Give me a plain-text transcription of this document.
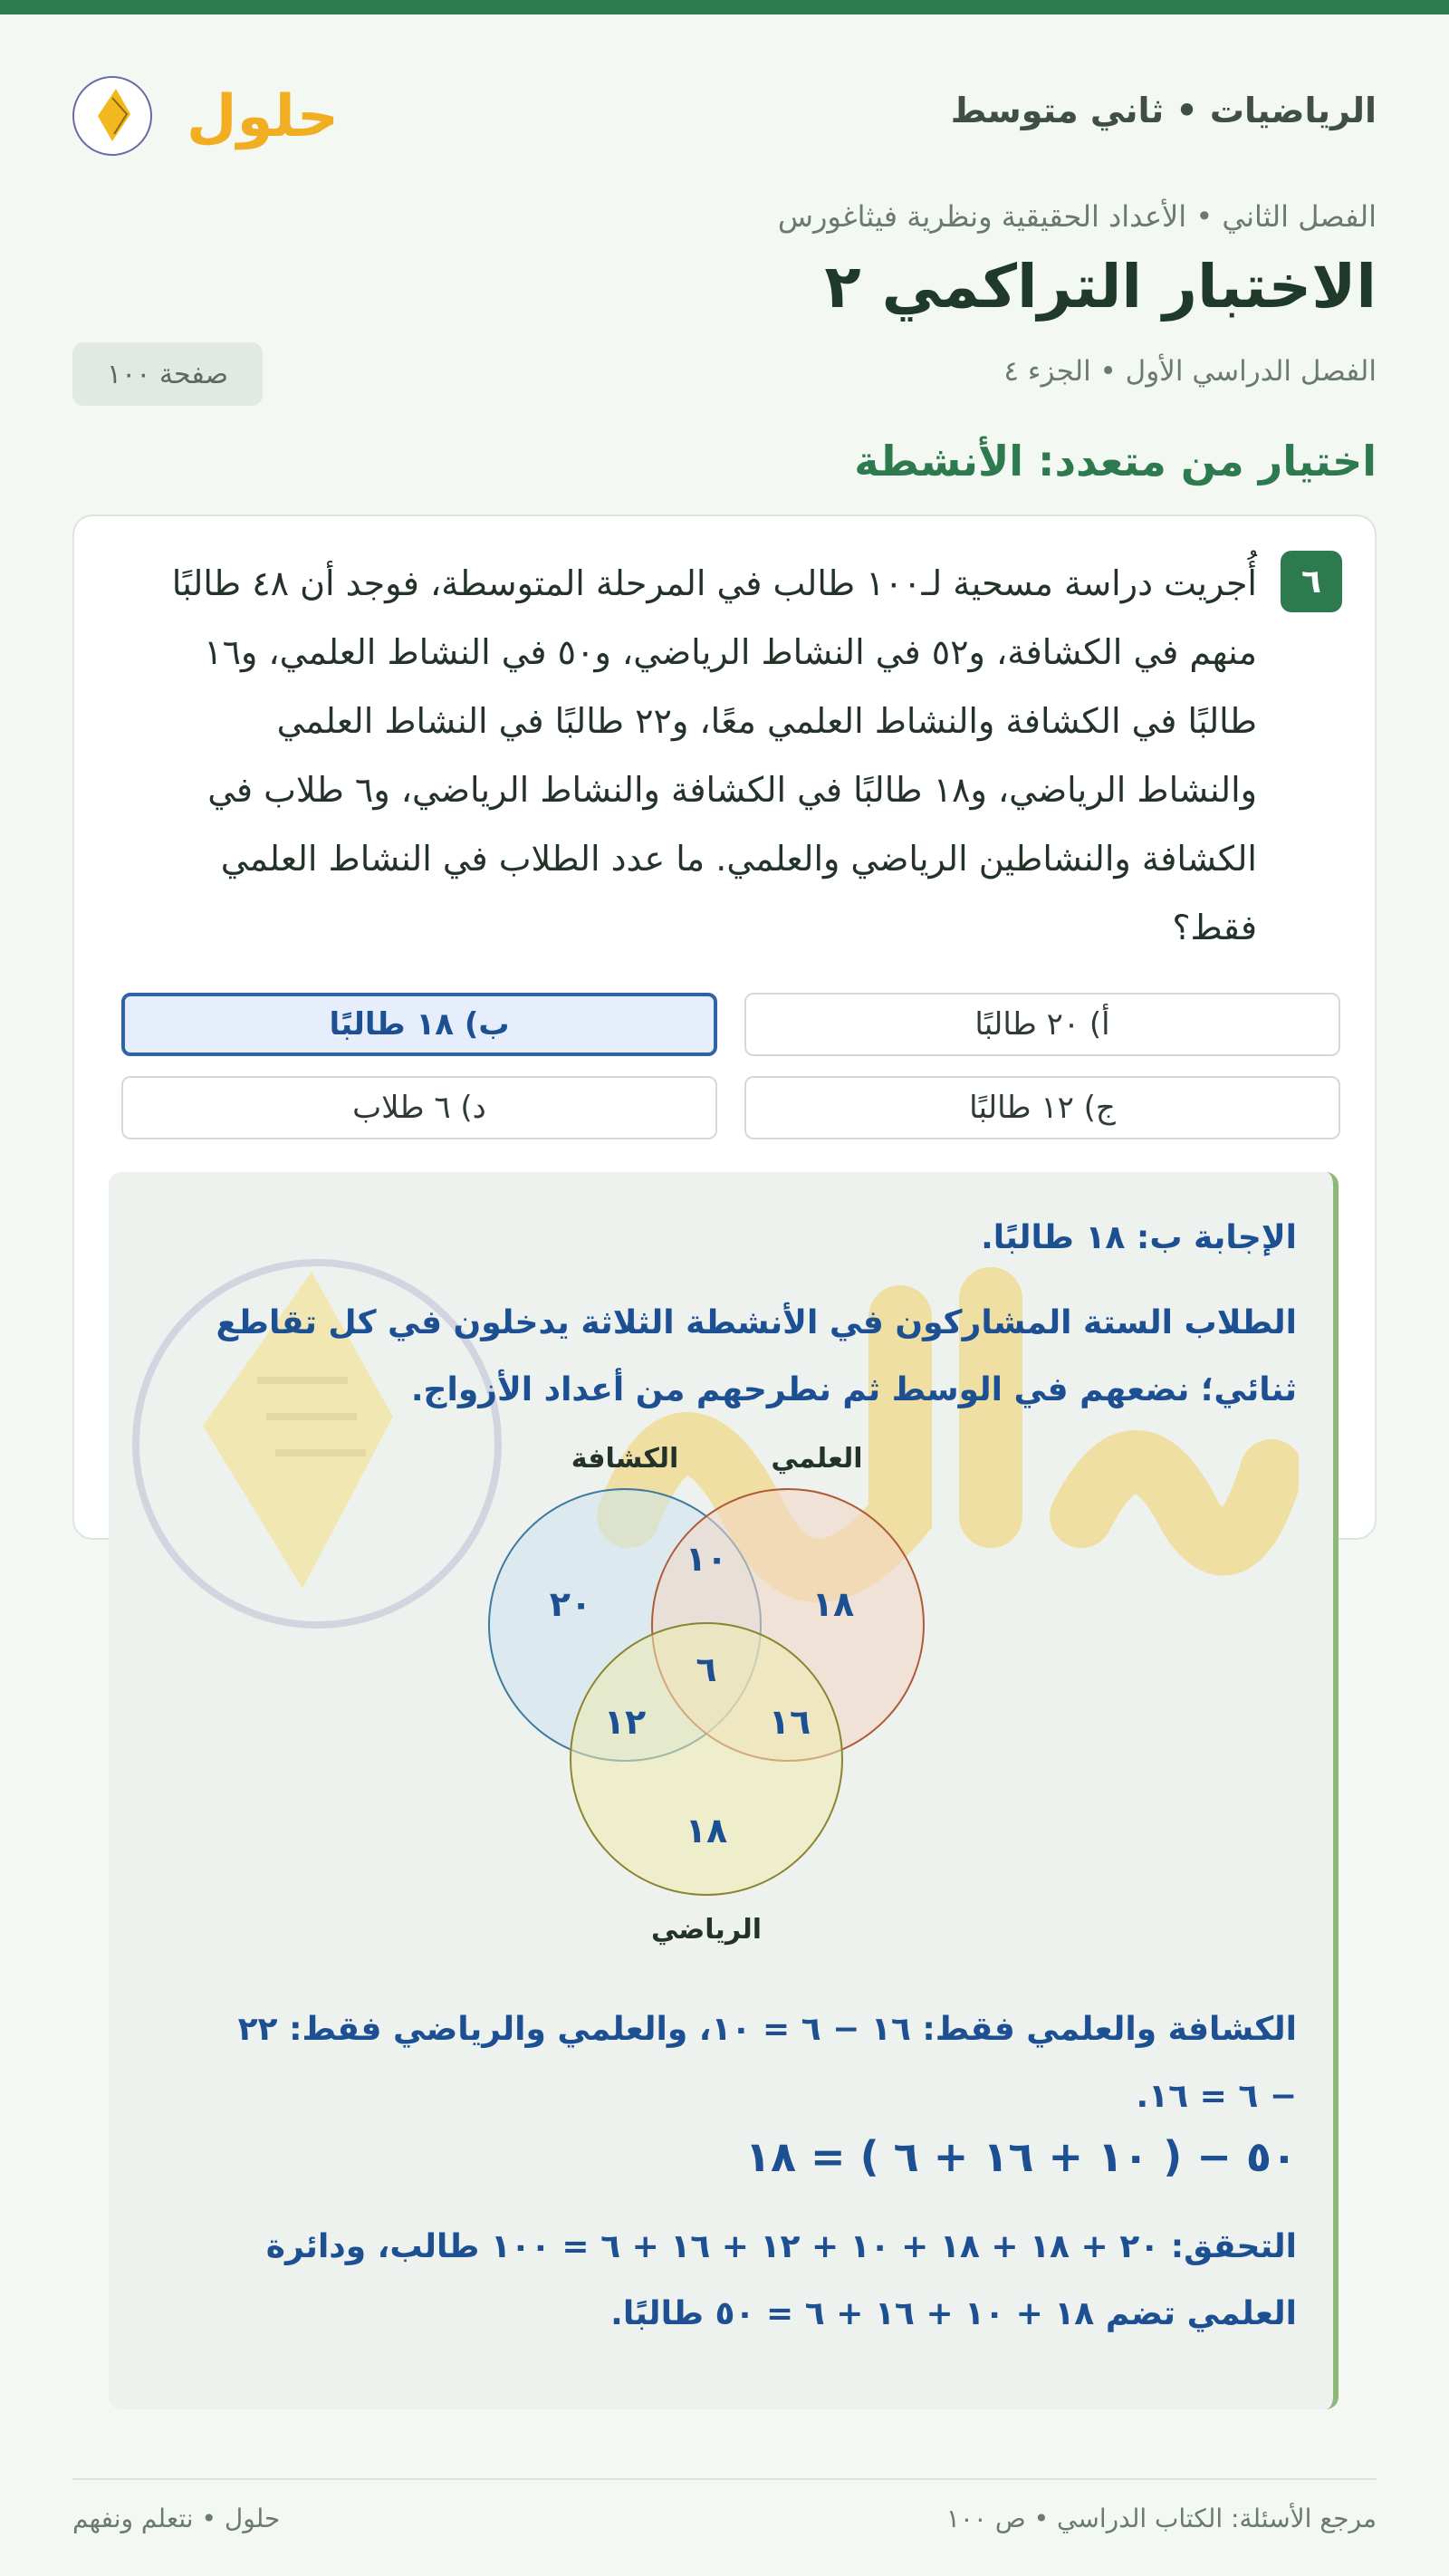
الرياضيات • ثاني متوسط
حلول
الفصل الثاني • الأعداد الحقيقية ونظرية فيثاغورس
الاختبار التراكمي ٢
الفصل الدراسي الأول • الجزء ٤
صفحة ١٠٠
اختيار من متعدد: الأنشطة
٦

أُجريت دراسة مسحية لـ١٠٠ طالب في المرحلة المتوسطة، فوجد أن ٤٨ طالبًا منهم في الكشافة، و٥٢ في النشاط الرياضي، و٥٠ في النشاط العلمي، و١٦ طالبًا في الكشافة والنشاط العلمي معًا، و٢٢ طالبًا في النشاط العلمي والنشاط الرياضي، و١٨ طالبًا في الكشافة والنشاط الرياضي، و٦ طلاب في الكشافة والنشاطين الرياضي والعلمي. ما عدد الطلاب في النشاط العلمي فقط؟

أ) ٢٠ طالبًا
ب) ١٨ طالبًا
ج) ١٢ طالبًا
د) ٦ طلاب
الإجابة ب: ١٨ طالبًا.

الطلاب الستة المشاركون في الأنشطة الثلاثة يدخلون في كل تقاطع ثنائي؛ نضعهم في الوسط ثم نطرحهم من أعداد الأزواج.

الكشافة	العلمي
الرياضي
٢٠
١٠
١٨
٦
١٢	١٦
١٨

الكشافة والعلمي فقط: ١٦ − ٦ = ١٠، والعلمي والرياضي فقط: ٢٢ − ٦ = ١٦.

٥٠ − ( ١٠ + ١٦ + ٦ ) = ١٨

التحقق: ٢٠ + ١٨ + ١٨ + ١٠ + ١٢ + ١٦ + ٦ = ١٠٠ طالب، ودائرة العلمي تضم ١٨ + ١٠ + ١٦ + ٦ = ٥٠ طالبًا.

مرجع الأسئلة: الكتاب الدراسي • ص ١٠٠
حلول • نتعلم ونفهم
